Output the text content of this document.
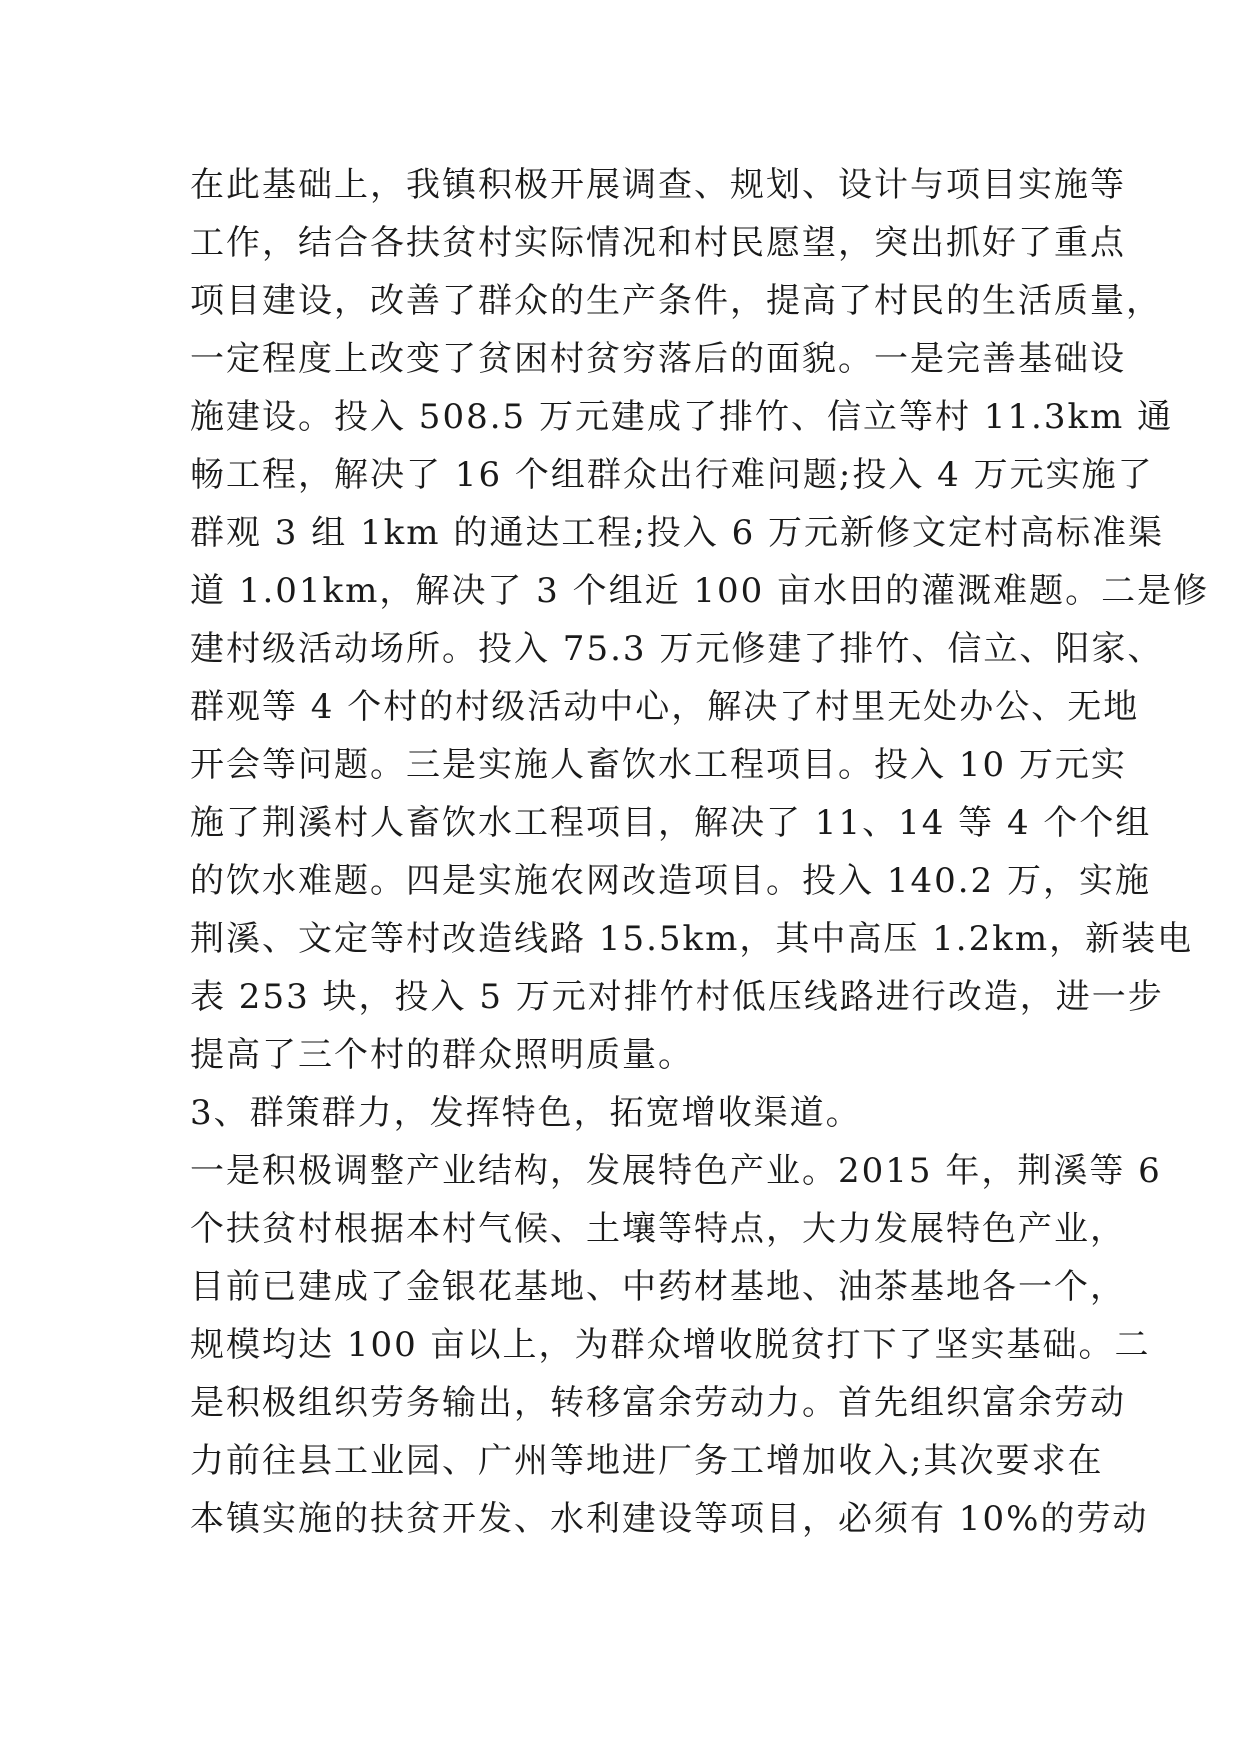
在此基础上，我镇积极开展调查、规划、设计与项目实施等
工作，结合各扶贫村实际情况和村民愿望，突出抓好了重点
项目建设，改善了群众的生产条件，提高了村民的生活质量，
一定程度上改变了贫困村贫穷落后的面貌。一是完善基础设
施建设。投入 508.5 万元建成了排竹、信立等村 11.3km 通
畅工程，解决了 16 个组群众出行难问题;投入 4 万元实施了
群观 3 组 1km 的通达工程;投入 6 万元新修文定村高标准渠
道 1.01km，解决了 3 个组近 100 亩水田的灌溉难题。二是修
建村级活动场所。投入 75.3 万元修建了排竹、信立、阳家、
群观等 4 个村的村级活动中心，解决了村里无处办公、无地
开会等问题。三是实施人畜饮水工程项目。投入 10 万元实
施了荆溪村人畜饮水工程项目，解决了 11、14 等 4 个个组
的饮水难题。四是实施农网改造项目。投入 140.2 万，实施
荆溪、文定等村改造线路 15.5km，其中高压 1.2km，新装电
表 253 块，投入 5 万元对排竹村低压线路进行改造，进一步
提高了三个村的群众照明质量。
3、群策群力，发挥特色，拓宽增收渠道。
一是积极调整产业结构，发展特色产业。2015 年，荆溪等 6
个扶贫村根据本村气候、土壤等特点，大力发展特色产业，
目前已建成了金银花基地、中药材基地、油茶基地各一个，
规模均达 100 亩以上，为群众增收脱贫打下了坚实基础。二
是积极组织劳务输出，转移富余劳动力。首先组织富余劳动
力前往县工业园、广州等地进厂务工增加收入;其次要求在
本镇实施的扶贫开发、水利建设等项目，必须有 10%的劳动
